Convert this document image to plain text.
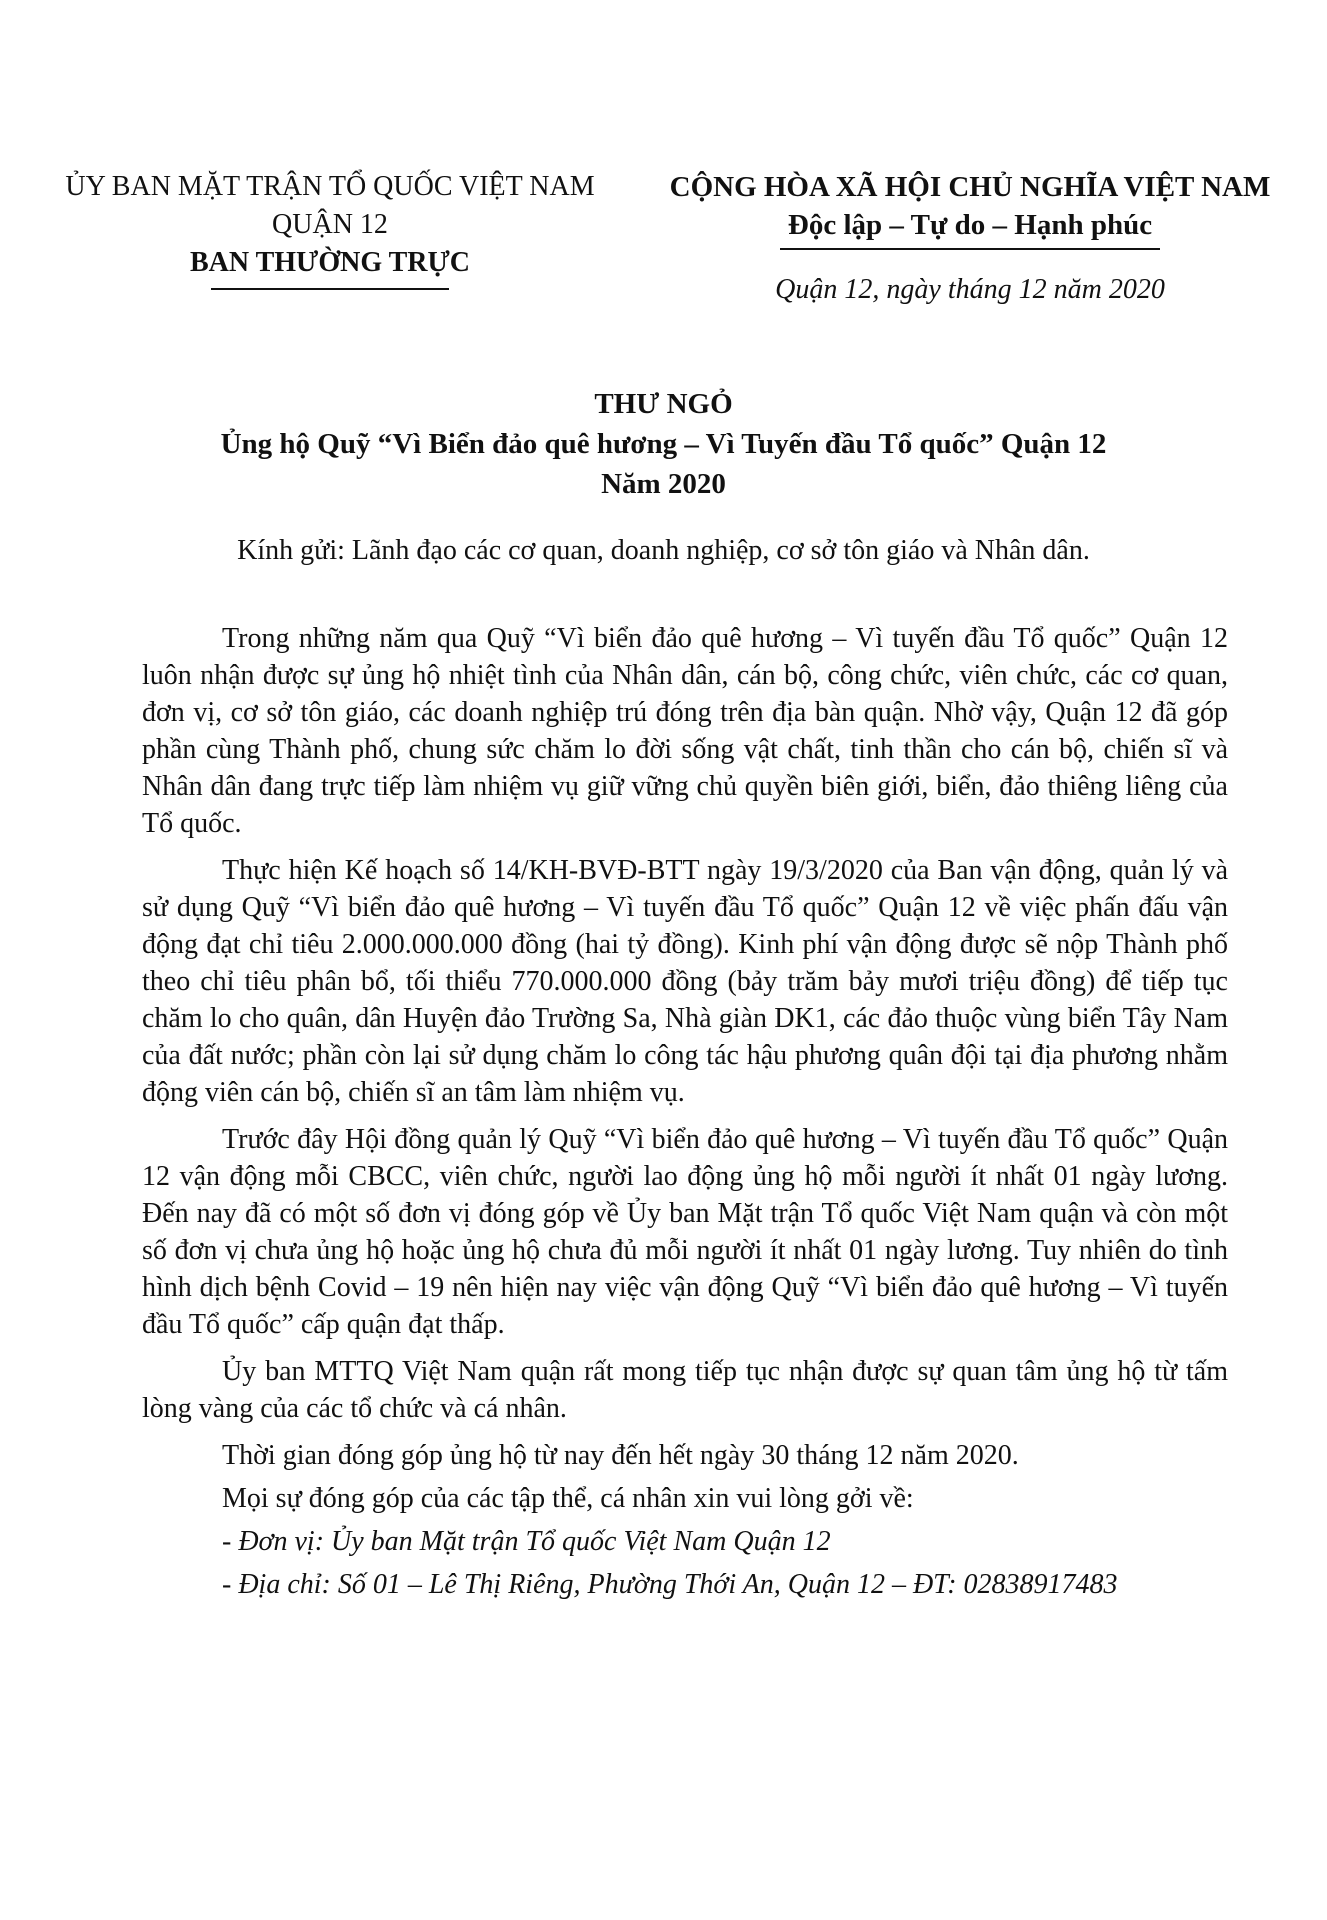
ỦY BAN MẶT TRẬN TỔ QUỐC VIỆT NAM
QUẬN 12
BAN THƯỜNG TRỰC
CỘNG HÒA XÃ HỘI CHỦ NGHĨA VIỆT NAM
Độc lập – Tự do – Hạnh phúc
Quận 12, ngày tháng 12 năm 2020
THƯ NGỎ
Ủng hộ Quỹ “Vì Biển đảo quê hương – Vì Tuyến đầu Tổ quốc” Quận 12
Năm 2020
Kính gửi: Lãnh đạo các cơ quan, doanh nghiệp, cơ sở tôn giáo và Nhân dân.

Trong những năm qua Quỹ “Vì biển đảo quê hương – Vì tuyến đầu Tổ quốc” Quận 12 luôn nhận được sự ủng hộ nhiệt tình của Nhân dân, cán bộ, công chức, viên chức, các cơ quan, đơn vị, cơ sở tôn giáo, các doanh nghiệp trú đóng trên địa bàn quận. Nhờ vậy, Quận 12 đã góp phần cùng Thành phố, chung sức chăm lo đời sống vật chất, tinh thần cho cán bộ, chiến sĩ và Nhân dân đang trực tiếp làm nhiệm vụ giữ vững chủ quyền biên giới, biển, đảo thiêng liêng của Tổ quốc.

Thực hiện Kế hoạch số 14/KH-BVĐ-BTT ngày 19/3/2020 của Ban vận động, quản lý và sử dụng Quỹ “Vì biển đảo quê hương – Vì tuyến đầu Tổ quốc” Quận 12 về việc phấn đấu vận động đạt chỉ tiêu 2.000.000.000 đồng (hai tỷ đồng). Kinh phí vận động được sẽ nộp Thành phố theo chỉ tiêu phân bổ, tối thiểu 770.000.000 đồng (bảy trăm bảy mươi triệu đồng) để tiếp tục chăm lo cho quân, dân Huyện đảo Trường Sa, Nhà giàn DK1, các đảo thuộc vùng biển Tây Nam của đất nước; phần còn lại sử dụng chăm lo công tác hậu phương quân đội tại địa phương nhằm động viên cán bộ, chiến sĩ an tâm làm nhiệm vụ.

Trước đây Hội đồng quản lý Quỹ “Vì biển đảo quê hương – Vì tuyến đầu Tổ quốc” Quận 12 vận động mỗi CBCC, viên chức, người lao động ủng hộ mỗi người ít nhất 01 ngày lương. Đến nay đã có một số đơn vị đóng góp về Ủy ban Mặt trận Tổ quốc Việt Nam quận và còn một số đơn vị chưa ủng hộ hoặc ủng hộ chưa đủ mỗi người ít nhất 01 ngày lương. Tuy nhiên do tình hình dịch bệnh Covid – 19 nên hiện nay việc vận động Quỹ “Vì biển đảo quê hương – Vì tuyến đầu Tổ quốc” cấp quận đạt thấp.

Ủy ban MTTQ Việt Nam quận rất mong tiếp tục nhận được sự quan tâm ủng hộ từ tấm lòng vàng của các tổ chức và cá nhân.

Thời gian đóng góp ủng hộ từ nay đến hết ngày 30 tháng 12 năm 2020.

Mọi sự đóng góp của các tập thể, cá nhân xin vui lòng gởi về:

- Đơn vị: Ủy ban Mặt trận Tổ quốc Việt Nam Quận 12

- Địa chỉ: Số 01 – Lê Thị Riêng, Phường Thới An, Quận 12 – ĐT: 02838917483
